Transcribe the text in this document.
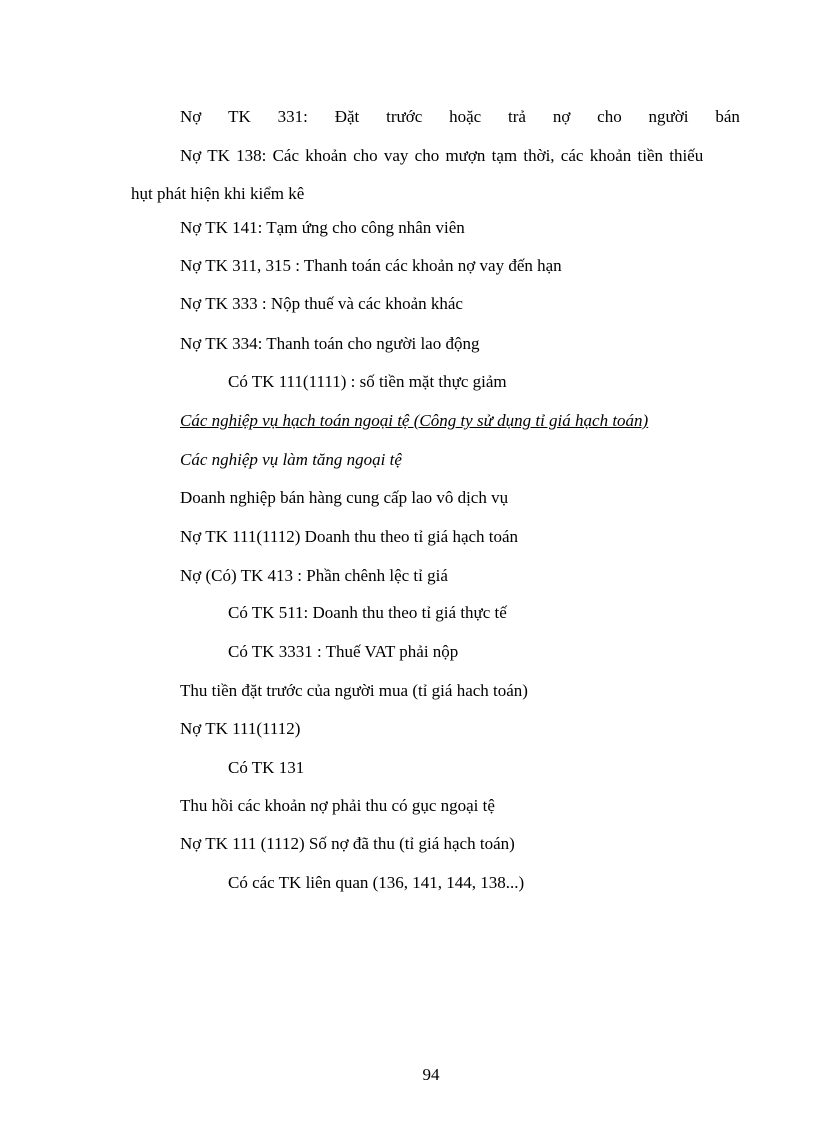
Nợ TK 331: Đặt trước hoặc trả nợ cho người bán
Nợ TK 138: Các khoản cho vay cho mượn tạm thời, các khoản tiền thiếu
hụt phát hiện khi kiểm kê
Nợ TK 141: Tạm ứng cho công nhân viên
Nợ TK 311, 315 : Thanh toán các khoản nợ vay đến hạn
Nợ TK 333 : Nộp thuế và các khoản khác
Nợ TK 334: Thanh toán cho người lao động
Có TK 111(1111) : số tiền mặt thực giảm
Các nghiệp vụ hạch toán ngoại tệ (Công ty sử dụng tỉ giá hạch toán)
Các nghiệp vụ làm tăng ngoại tệ
Doanh nghiệp bán hàng cung cấp lao vô dịch vụ
Nợ TK 111(1112) Doanh thu theo tỉ giá hạch toán
Nợ (Có) TK 413 : Phần chênh lệc tỉ giá
Có TK 511: Doanh thu theo tỉ giá thực tế
Có TK 3331 : Thuế VAT phải nộp
Thu tiền đặt trước của người mua (tỉ giá hach toán)
Nợ TK 111(1112)
Có TK 131
Thu hồi các khoản nợ phải thu có gục ngoại tệ
Nợ TK 111 (1112) Số nợ đã thu (tỉ giá hạch toán)
Có các TK liên quan (136, 141, 144, 138...)
94
